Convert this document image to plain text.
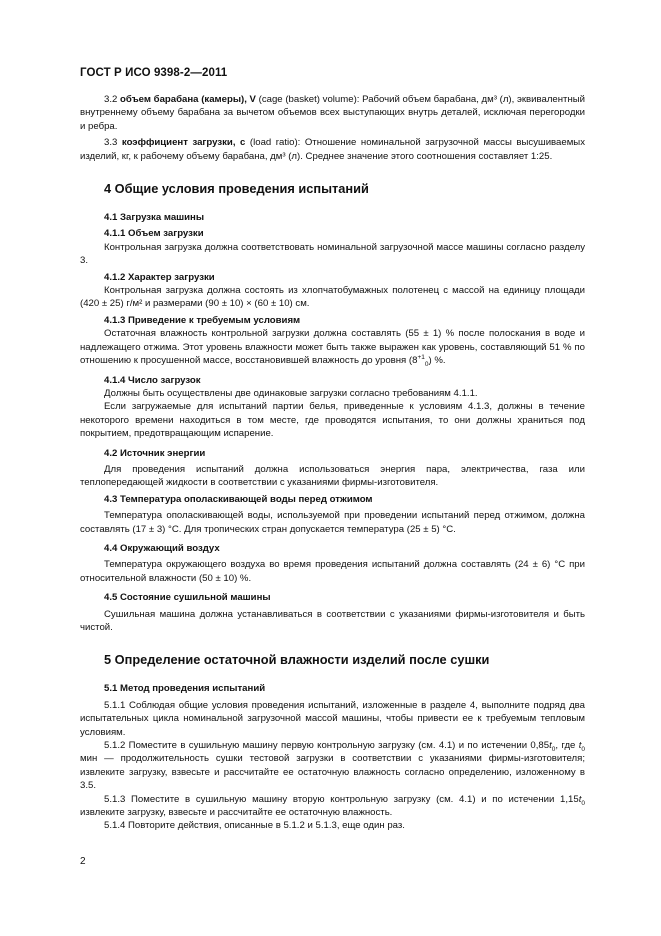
ГОСТ Р ИСО 9398-2—2011

3.2 объем барабана (камеры), V (cage (basket) volume): Рабочий объем барабана, дм³ (л), эквивалентный внутреннему объему барабана за вычетом объемов всех выступающих внутрь деталей, исключая перегородки и ребра.

3.3 коэффициент загрузки, c (load ratio): Отношение номинальной загрузочной массы высушиваемых изделий, кг, к рабочему объему барабана, дм³ (л). Среднее значение этого соотношения составляет 1:25.

4 Общие условия проведения испытаний

4.1 Загрузка машины

4.1.1 Объем загрузки

Контрольная загрузка должна соответствовать номинальной загрузочной массе машины согласно разделу 3.

4.1.2 Характер загрузки

Контрольная загрузка должна состоять из хлопчатобумажных полотенец с массой на единицу площади (420 ± 25) г/м² и размерами (90 ± 10) × (60 ± 10) см.

4.1.3 Приведение к требуемым условиям

Остаточная влажность контрольной загрузки должна составлять (55 ± 1) % после полоскания в воде и надлежащего отжима. Этот уровень влажности может быть также выражен как уровень, составляющий 51 % по отношению к просушенной массе, восстановившей влажность до уровня $(8^{+1}_0)$ %.

4.1.4 Число загрузок

Должны быть осуществлены две одинаковые загрузки согласно требованиям 4.1.1.

Если загружаемые для испытаний партии белья, приведенные к условиям 4.1.3, должны в течение некоторого времени находиться в том месте, где проводятся испытания, то они должны храниться под покрытием, предотвращающим испарение.

4.2 Источник энергии

Для проведения испытаний должна использоваться энергия пара, электричества, газа или теплопередающей жидкости в соответствии с указаниями фирмы-изготовителя.

4.3 Температура ополаскивающей воды перед отжимом

Температура ополаскивающей воды, используемой при проведении испытаний перед отжимом, должна составлять (17 ± 3) °C. Для тропических стран допускается температура (25 ± 5) °C.

4.4 Окружающий воздух

Температура окружающего воздуха во время проведения испытаний должна составлять (24 ± 6) °C при относительной влажности (50 ± 10) %.

4.5 Состояние сушильной машины

Сушильная машина должна устанавливаться в соответствии с указаниями фирмы-изготовителя и быть чистой.

5 Определение остаточной влажности изделий после сушки

5.1 Метод проведения испытаний

5.1.1 Соблюдая общие условия проведения испытаний, изложенные в разделе 4, выполните подряд два испытательных цикла номинальной загрузочной массой машины, чтобы привести ее к требуемым тепловым условиям.

5.1.2 Поместите в сушильную машину первую контрольную загрузку (см. 4.1) и по истечении $0,85t_0$, где $t_0$ мин — продолжительность сушки тестовой загрузки в соответствии с указаниями фирмы-изготовителя; извлеките загрузку, взвесьте и рассчитайте ее остаточную влажность согласно определению, изложенному в 3.5.

5.1.3 Поместите в сушильную машину вторую контрольную загрузку (см. 4.1) и по истечении $1,15t_0$ извлеките загрузку, взвесьте и рассчитайте ее остаточную влажность.

5.1.4 Повторите действия, описанные в 5.1.2 и 5.1.3, еще один раз.

2
